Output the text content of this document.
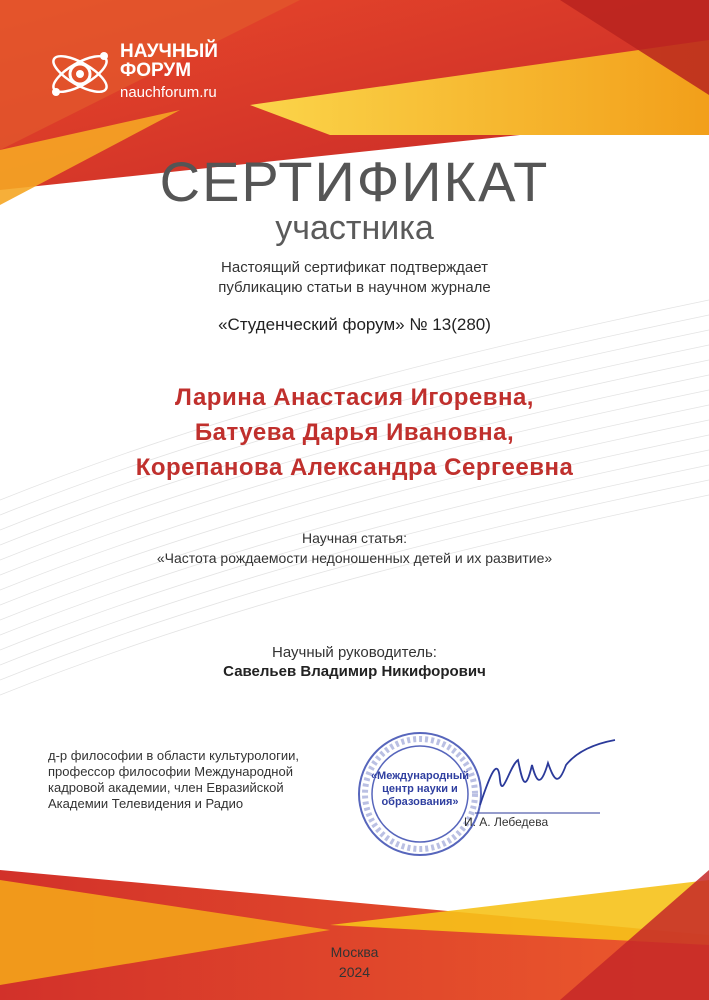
НАУЧНЫЙ
ФОРУМ
nauchforum.ru
СЕРТИФИКАТ
участника
Настоящий сертификат подтверждает
публикацию статьи в научном журнале
«Студенческий форум» № 13(280)
Ларина Анастасия Игоревна,
Батуева Дарья Ивановна,
Корепанова Александра Сергеевна
Научная статья:
«Частота рождаемости недоношенных детей и их развитие»
Научный руководитель:
Савельев Владимир Никифорович
д-р философии в области культурологии,
профессор философии Международной
кадровой академии, член Евразийской
Академии Телевидения и Радио
«Международный центр науки и образования»
И. А. Лебедева
Москва
2024
